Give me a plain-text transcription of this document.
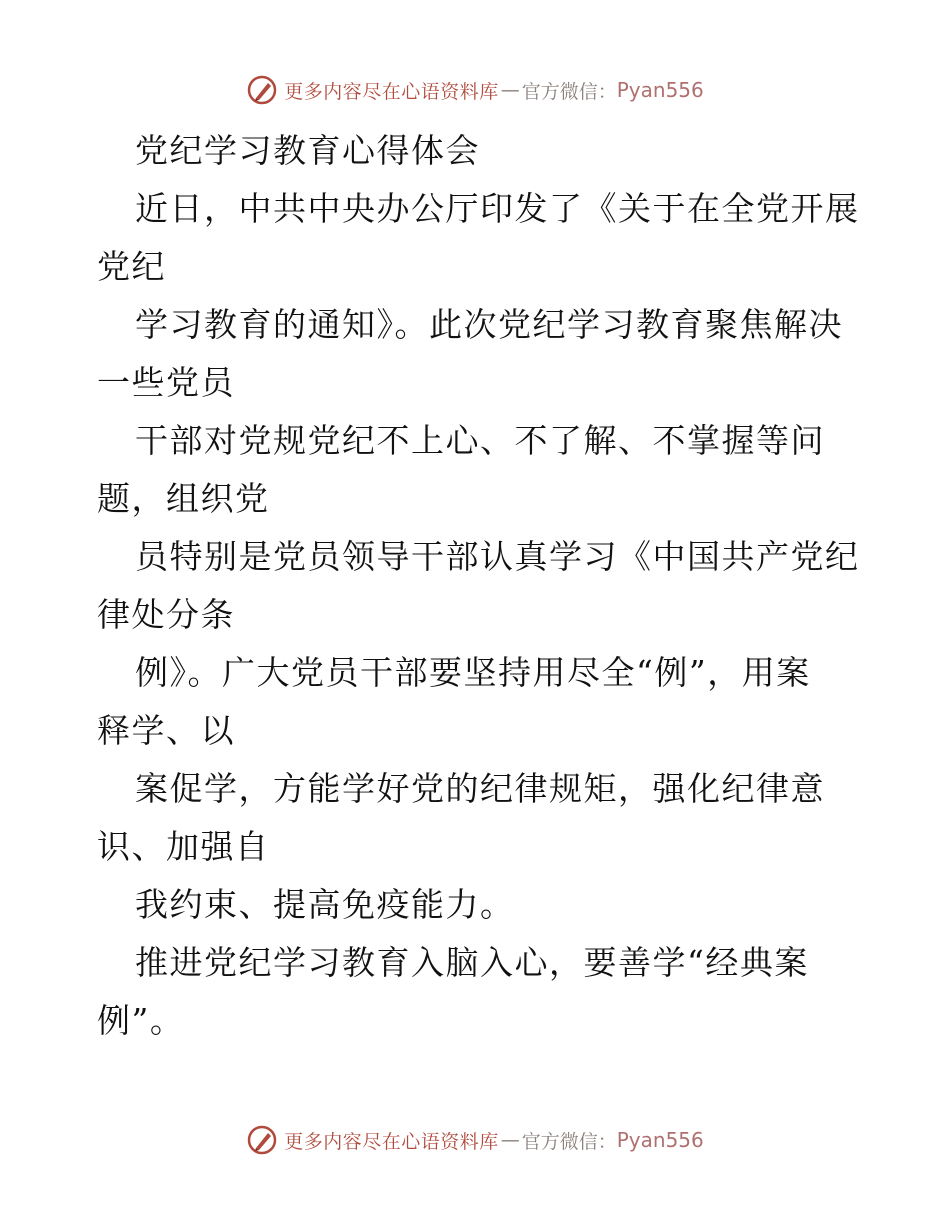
更多内容尽在心语资料库 — 官方微信： Pyan556
党纪学习教育心得体会
近日，中共中央办公厅印发了《关于在全党开展
党纪
学习教育的通知》。此次党纪学习教育聚焦解决
一些党员
干部对党规党纪不上心、不了解、不掌握等问
题，组织党
员特别是党员领导干部认真学习《中国共产党纪
律处分条
例》。广大党员干部要坚持用尽全“例”，用案
释学、以
案促学，方能学好党的纪律规矩，强化纪律意
识、加强自
我约束、提高免疫能力。
推进党纪学习教育入脑入心，要善学“经典案
例”。
更多内容尽在心语资料库 — 官方微信： Pyan556
